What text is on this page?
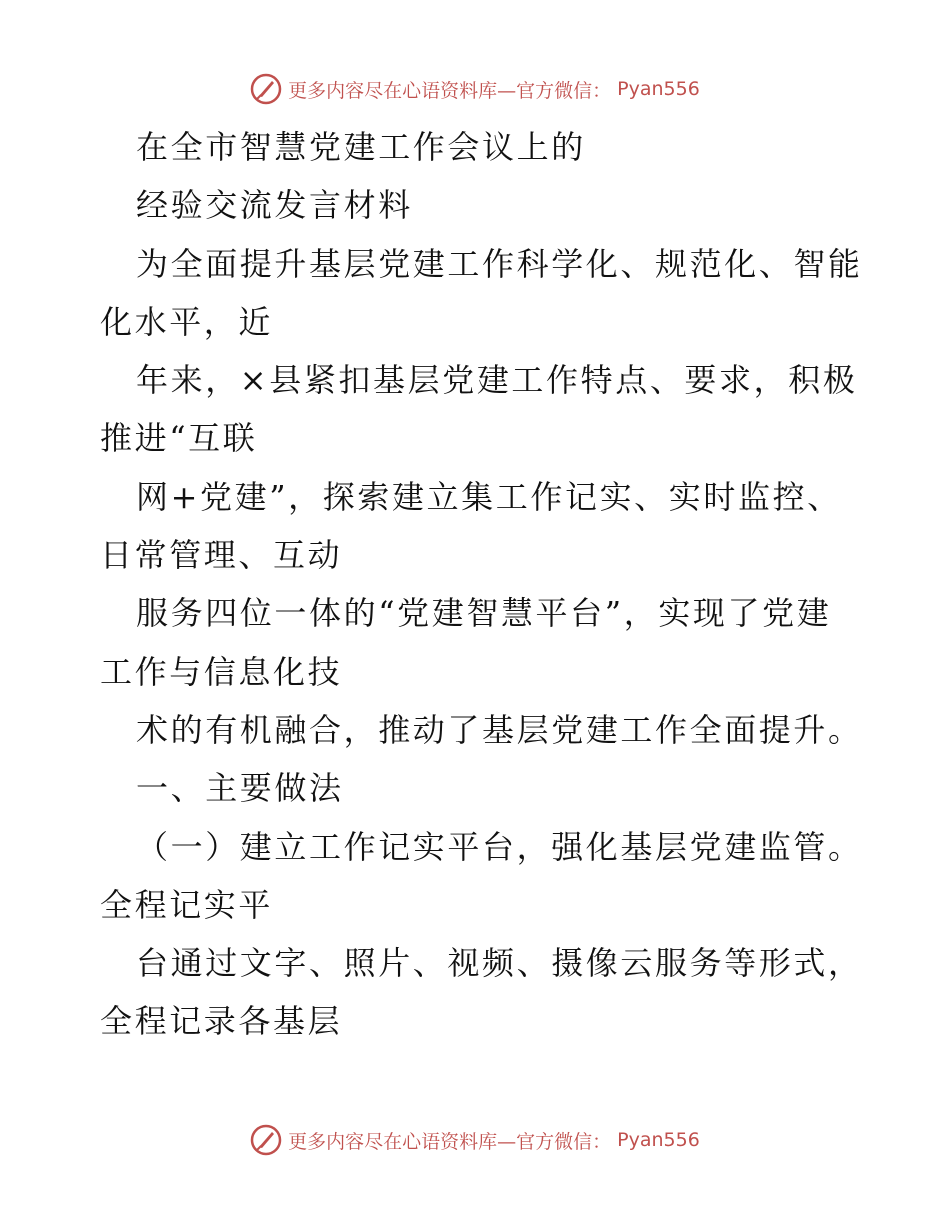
更多内容尽在心语资料库—官方微信： Pyan556

在全市智慧党建工作会议上的

经验交流发言材料

为全面提升基层党建工作科学化、规范化、智能

化水平，近

年来，×县紧扣基层党建工作特点、要求，积极

推进“互联

网+党建”，探索建立集工作记实、实时监控、

日常管理、互动

服务四位一体的“党建智慧平台”，实现了党建

工作与信息化技

术的有机融合，推动了基层党建工作全面提升。

一、主要做法

（一）建立工作记实平台，强化基层党建监管。

全程记实平

台通过文字、照片、视频、摄像云服务等形式，

全程记录各基层

更多内容尽在心语资料库—官方微信： Pyan556
